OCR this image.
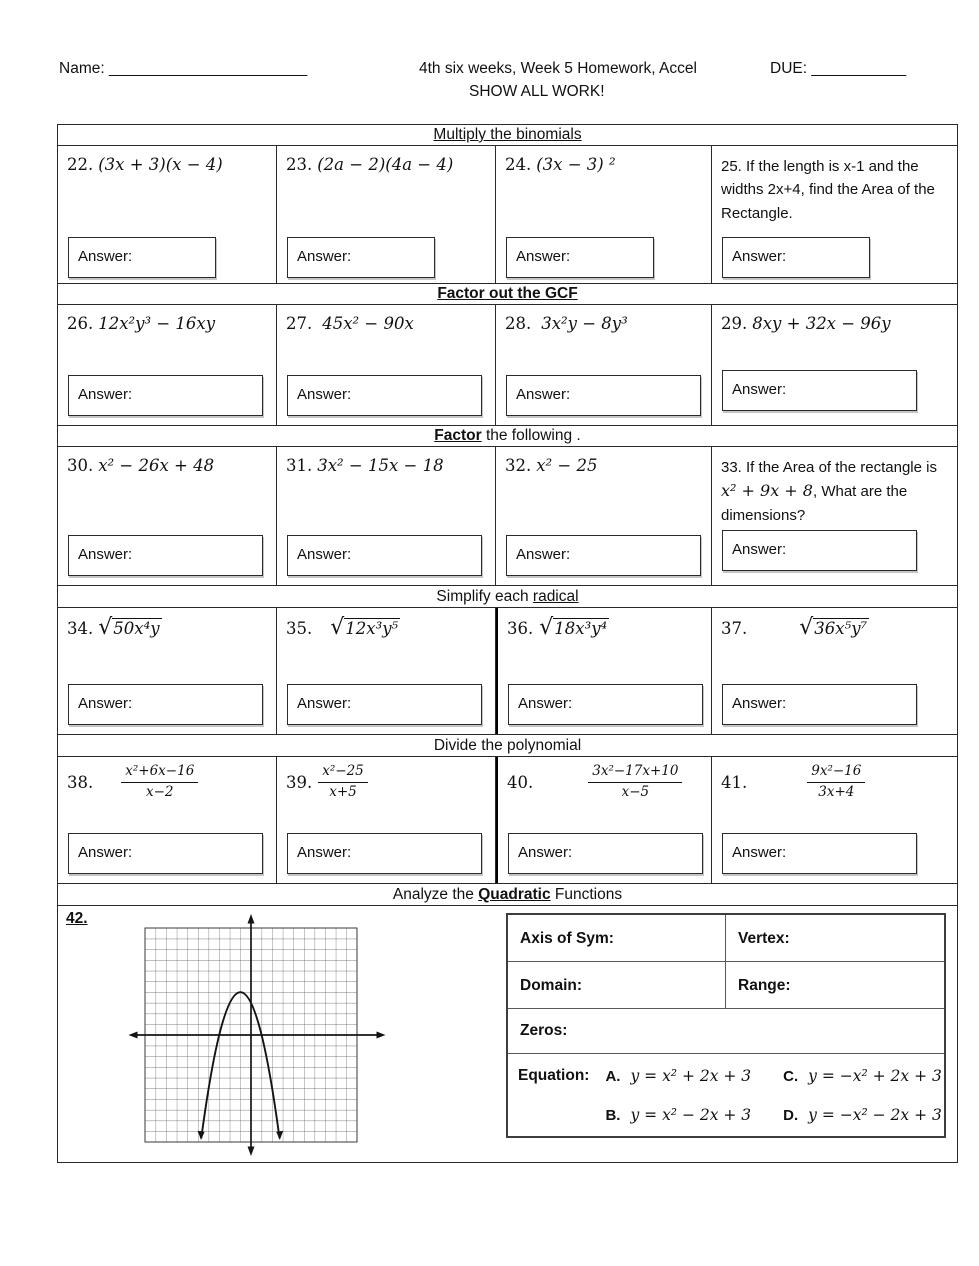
Name: _______________________	4th six weeks, Week 5 Homework, Accel	DUE: ___________
SHOW ALL WORK!
Multiply the binomials
22. (3x + 3)(x − 4)
Answer:
23. (2a − 2)(4a − 4)
Answer:
24. (3x − 3) ²
Answer:
25. If the length is x-1 and the widths 2x+4, find the Area of the Rectangle.
Answer:
Factor out the GCF
26. 12x²y³ − 16xy
Answer:
27. 45x² − 90x
Answer:
28. 3x²y − 8y³
Answer:
29. 8xy + 32x − 96y
Answer:
Factor the following .
30. x² − 26x + 48
Answer:
31. 3x² − 15x − 18
Answer:
32. x² − 25
Answer:
33. If the Area of the rectangle is x² + 9x + 8, What are the dimensions?
Answer:
Simplify each radical
34. √50x⁴y
Answer:
35. √12x³y⁵
Answer:
36. √18x³y⁴
Answer:
37. √36x⁵y⁷
Answer:
Divide the polynomial
38. $\frac{\text{x²+6x−16}}{x-2}$
Answer:
39. $\frac{\text{x²−25}}{x+5}$
Answer:
40.	$\frac{\text{3x²−17x+10}}{x-5}$
Answer:
41.	$\frac{\text{9x²−16}}{3x+4}$
Answer:
Analyze the Quadratic Functions
42.
Axis of Sym:	Vertex:
Domain:	Range:
Zeros:
Equation: A. y = x² + 2x + 3 C. y = −x² + 2x + 3
B. y = x² − 2x + 3 D. y = −x² − 2x + 3
